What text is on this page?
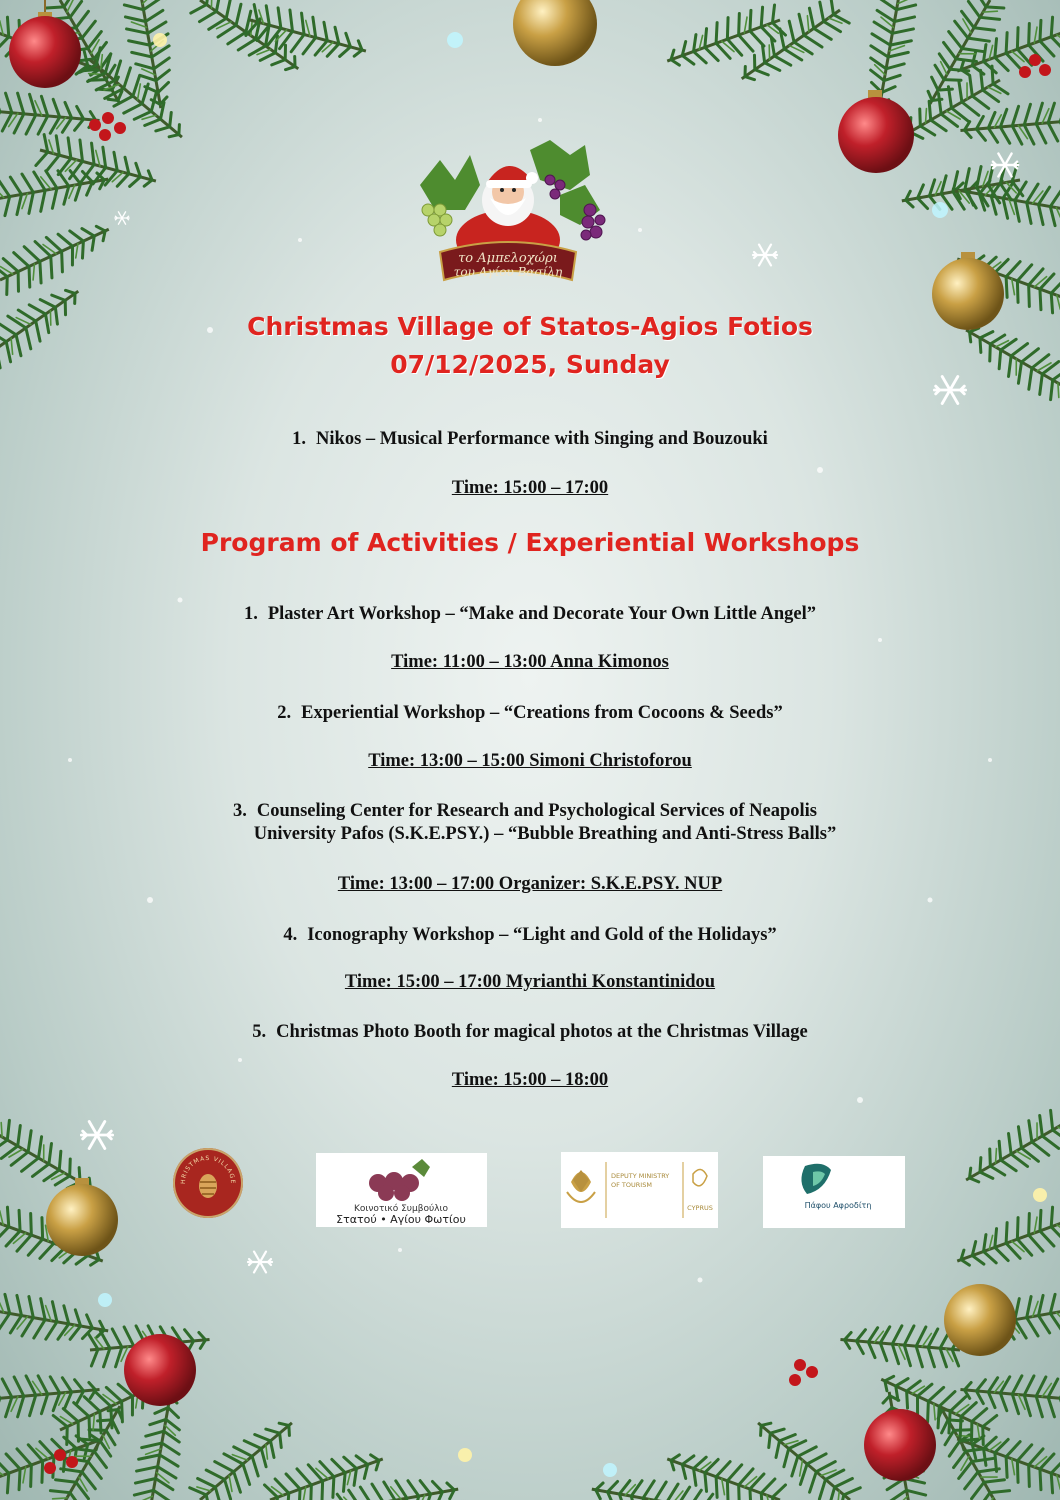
το Αμπελοχώρι
του Αγίου Βασίλη
Christmas Village of Statos-Agios Fotios
07/12/2025, Sunday
1. Nikos – Musical Performance with Singing and Bouzouki
Time: 15:00 – 17:00
Program of Activities / Experiential Workshops
1. Plaster Art Workshop – “Make and Decorate Your Own Little Angel”
Time: 11:00 – 13:00 Anna Kimonos
2. Experiential Workshop – “Creations from Cocoons & Seeds”
Time: 13:00 – 15:00 Simoni Christoforou
3. Counseling Center for Research and Psychological Services of Neapolis
University Pafos (S.K.E.PSY.) – “Bubble Breathing and Anti-Stress Balls”
Time: 13:00 – 17:00 Organizer: S.K.E.PSY. NUP
4. Iconography Workshop – “Light and Gold of the Holidays”
Time: 15:00 – 17:00 Myrianthi Konstantinidou
5. Christmas Photo Booth for magical photos at the Christmas Village
Time: 15:00 – 18:00
HRISTMAS VILLAGE
Κοινοτικό Συμβούλιο
Στατού • Αγίου Φωτίου
DEPUTY MINISTRY
OF TOURISM
CYPRUS	Πάφου Αφροδίτη
